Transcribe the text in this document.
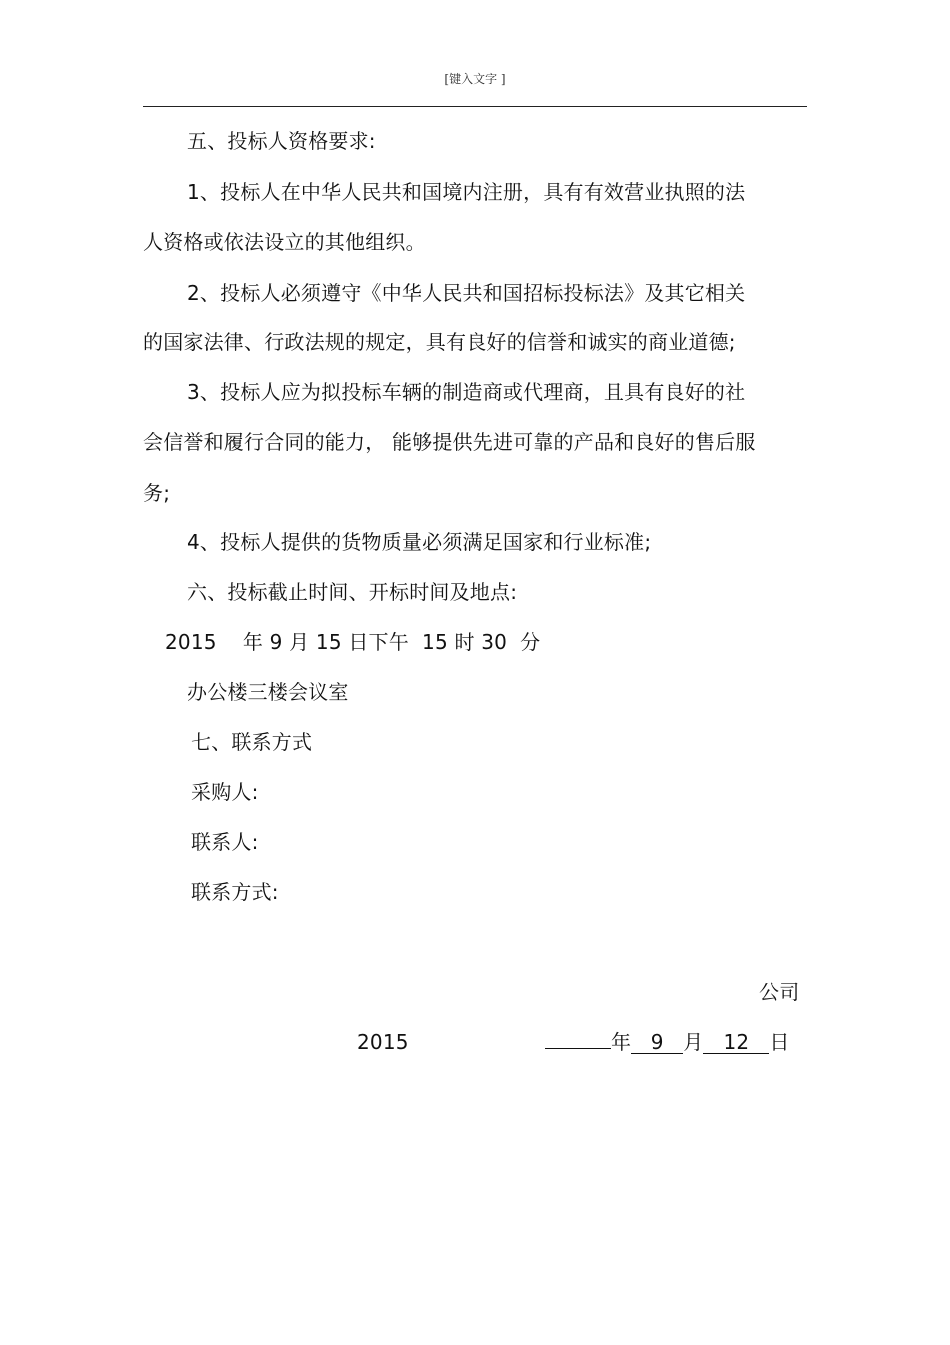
[键入文字 ]
五、投标人资格要求:
1、投标人在中华人民共和国境内注册，具有有效营业执照的法
人资格或依法设立的其他组织。
2、投标人必须遵守《中华人民共和国招标投标法》及其它相关
的国家法律、行政法规的规定，具有良好的信誉和诚实的商业道德;
3、投标人应为拟投标车辆的制造商或代理商，且具有良好的社
会信誉和履行合同的能力， 能够提供先进可靠的产品和良好的售后服
务;
4、投标人提供的货物质量必须满足国家和行业标准;
六、投标截止时间、开标时间及地点:
2015    年 9 月 15 日下午  15 时 30  分
办公楼三楼会议室
七、联系方式
采购人:
联系人:
联系方式:
公司
2015	年 9 月 12 日
